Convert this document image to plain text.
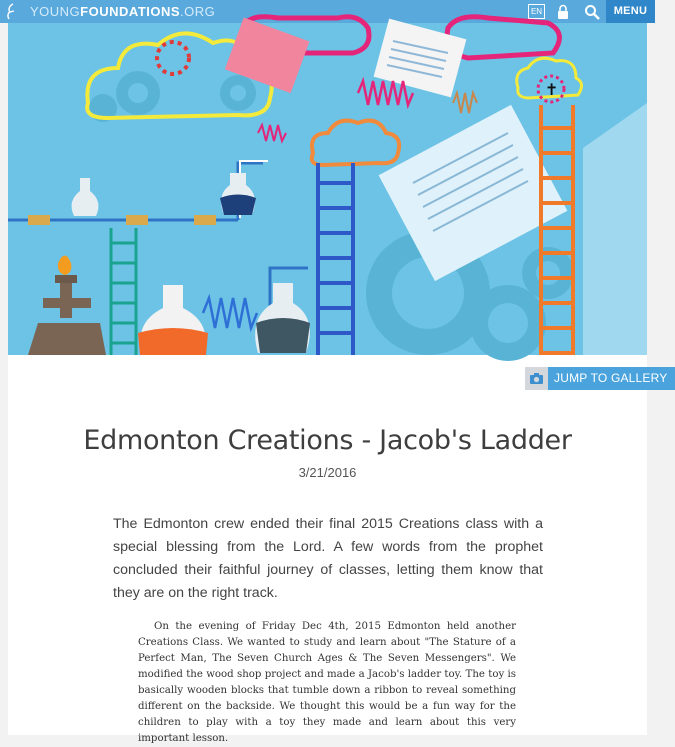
YOUNGFOUNDATIONS.ORG	EN	MENU
✝
JUMP TO GALLERY
Edmonton Creations - Jacob's Ladder
3/21/2016

The Edmonton crew ended their final 2015 Creations class with a special blessing from the Lord. A few words from the prophet concluded their faithful journey of classes, letting them know that they are on the right track.

On the evening of Friday Dec 4th, 2015 Edmonton held another Creations Class. We wanted to study and learn about "The Stature of a Perfect Man, The Seven Church Ages & The Seven Messengers". We modified the wood shop project and made a Jacob's ladder toy. The toy is basically wooden blocks that tumble down a ribbon to reveal something different on the backside. We thought this would be a fun way for the children to play with a toy they made and learn about this very important lesson.
